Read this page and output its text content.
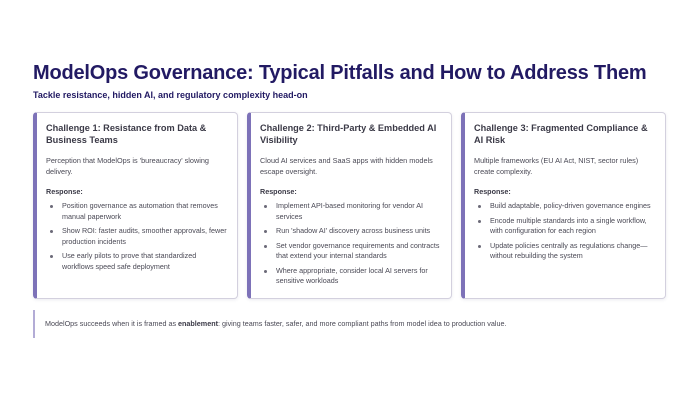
ModelOps Governance: Typical Pitfalls and How to Address Them

Tackle resistance, hidden AI, and regulatory complexity head-on

Challenge 1: Resistance from Data & Business Teams

Perception that ModelOps is 'bureaucracy' slowing delivery.

Response:

Position governance as automation that removes manual paperwork
Show ROI: faster audits, smoother approvals, fewer production incidents
Use early pilots to prove that standardized workflows speed safe deployment

Challenge 2: Third-Party & Embedded AI Visibility

Cloud AI services and SaaS apps with hidden models escape oversight.

Response:

Implement API-based monitoring for vendor AI services
Run 'shadow AI' discovery across business units
Set vendor governance requirements and contracts that extend your internal standards
Where appropriate, consider local AI servers for sensitive workloads

Challenge 3: Fragmented Compliance & AI Risk

Multiple frameworks (EU AI Act, NIST, sector rules) create complexity.

Response:

Build adaptable, policy-driven governance engines
Encode multiple standards into a single workflow, with configuration for each region
Update policies centrally as regulations change—without rebuilding the system
ModelOps succeeds when it is framed as enablement: giving teams faster, safer, and more compliant paths from model idea to production value.
